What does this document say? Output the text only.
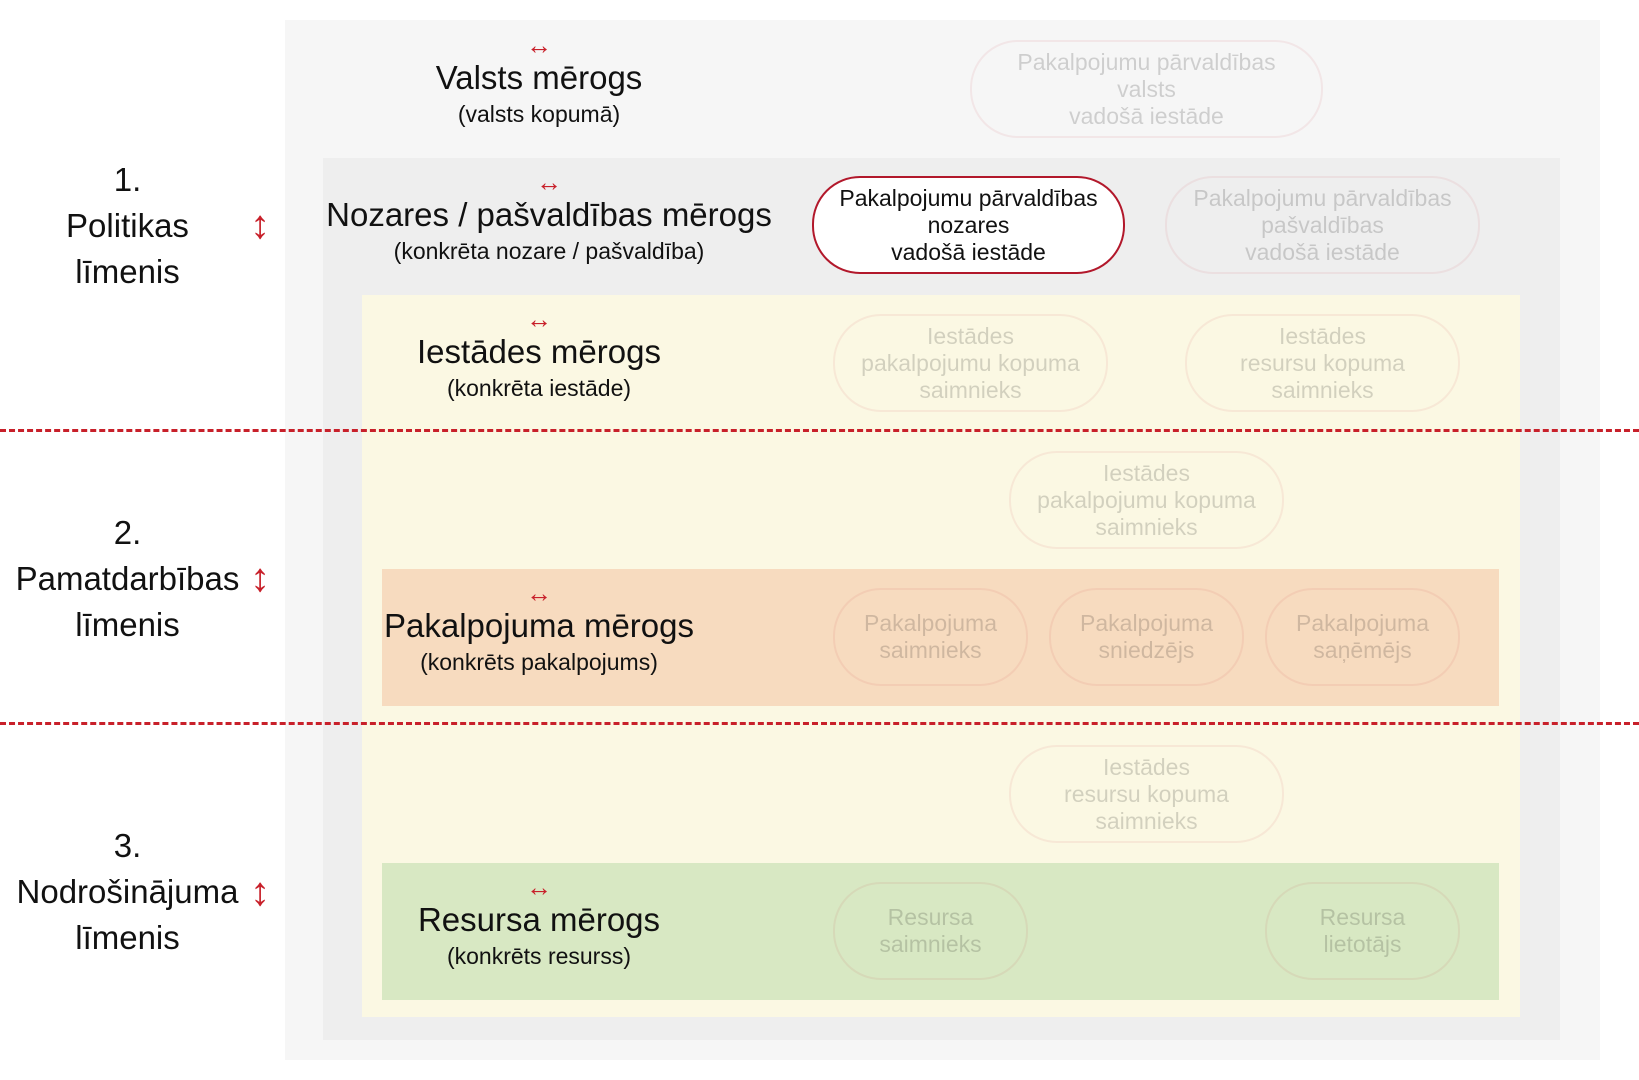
1.
Politikas
līmenis
↕
2.
Pamatdarbības
līmenis
↕
3.
Nodrošinājuma
līmenis
↕
↔
Valsts mērogs
(valsts kopumā)
↔
Nozares / pašvaldības mērogs
(konkrēta nozare / pašvaldība)
↔
Iestādes mērogs
(konkrēta iestāde)
↔
Pakalpojuma mērogs
(konkrēts pakalpojums)
↔
Resursa mērogs
(konkrēts resurss)
Pakalpojumu pārvaldības
valsts
vadošā iestāde
Pakalpojumu pārvaldības
nozares
vadošā iestāde
Pakalpojumu pārvaldības
pašvaldības
vadošā iestāde
Iestādes
pakalpojumu kopuma
saimnieks
Iestādes
resursu kopuma
saimnieks
Iestādes
pakalpojumu kopuma
saimnieks
Pakalpojuma
saimnieks
Pakalpojuma
sniedzējs
Pakalpojuma
saņēmējs
Iestādes
resursu kopuma
saimnieks
Resursa
saimnieks
Resursa
lietotājs
